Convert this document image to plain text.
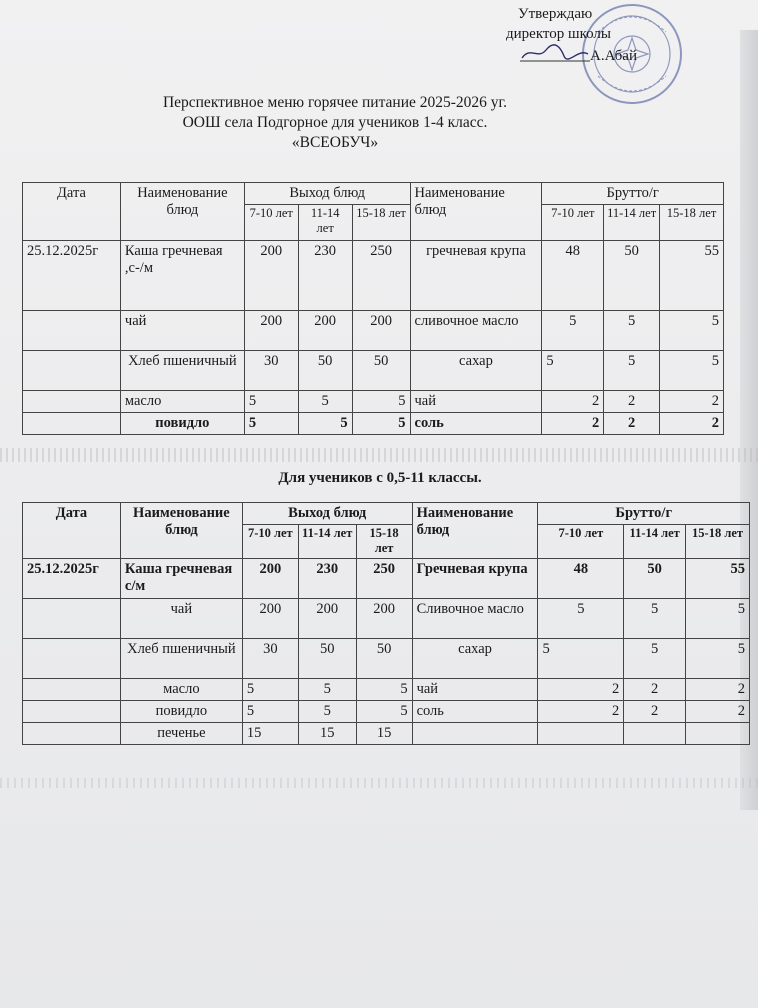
Утверждаю
директор школы
А.Абай
Перспективное меню горячее питание 2025-2026 уг.
ООШ села Подгорное для учеников 1-4 класс.
«ВСЕОБУЧ»
Дата	Наименование блюд	Выход блюд			Наименование блюд	Брутто/г		
		7-10 лет	11-14 лет	15-18 лет		7-10 лет	11-14 лет	15-18 лет
25.12.2025г	Каша гречневая ,с-/м	200	230	250	гречневая крупа	48	50	55
	чай	200	200	200	сливочное масло	5	5	5
	Хлеб пшеничный	30	50	50	сахар	5	5	5
	масло	5	5	5	чай	2	2	2
	повидло	5	5	5	соль	2	2	2
Для учеников с 0,5-11 классы.
Дата	Наименование блюд	Выход блюд			Наименование блюд	Брутто/г		
		7-10 лет	11-14 лет	15-18 лет		7-10 лет	11-14 лет	15-18 лет
25.12.2025г	Каша гречневая с/м	200	230	250	Гречневая крупа	48	50	55
	чай	200	200	200	Сливочное масло	5	5	5
	Хлеб пшеничный	30	50	50	сахар	5	5	5
	масло	5	5	5	чай	2	2	2
	повидло	5	5	5	соль	2	2	2
	печенье	15	15	15				
